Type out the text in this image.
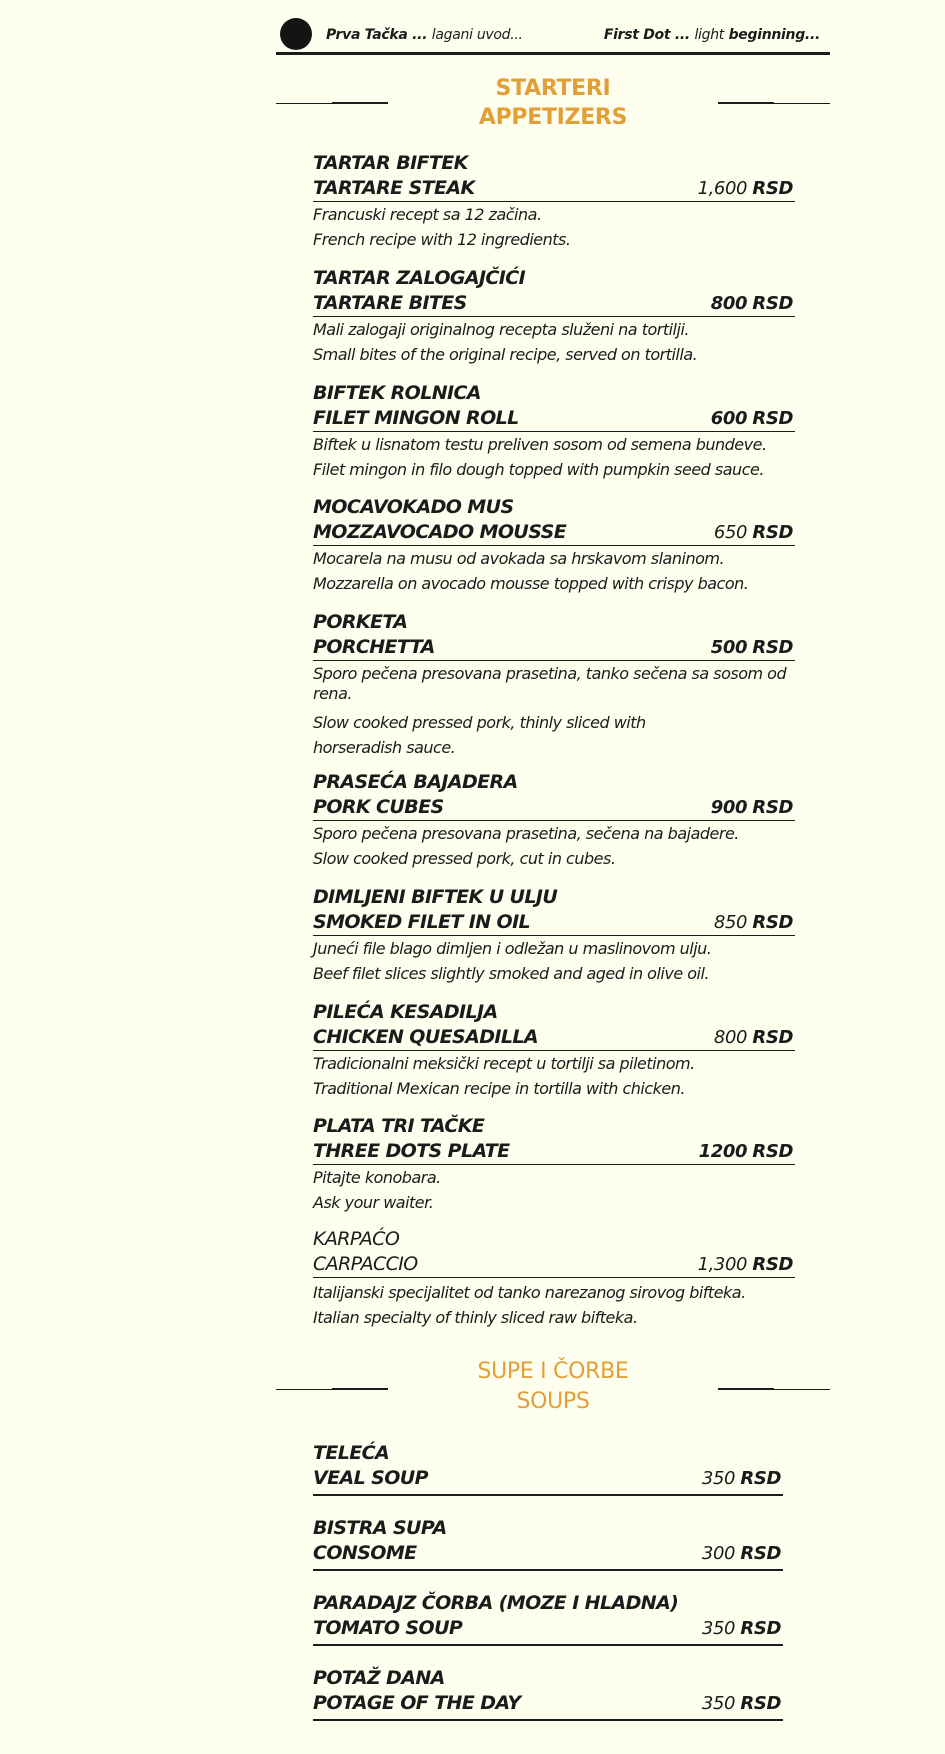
Prva Tačka ... lagani uvod...	First Dot ... light beginning...
STARTERI
APPETIZERS
TARTAR BIFTEK
TARTARE STEAK	1,600 RSD
Francuski recept sa 12 začina.
French recipe with 12 ingredients.
TARTAR ZALOGAJČIĆI
TARTARE BITES	800 RSD
Mali zalogaji originalnog recepta služeni na tortilji.
Small bites of the original recipe, served on tortilla.
BIFTEK ROLNICA
FILET MINGON ROLL	600 RSD
Biftek u lisnatom testu preliven sosom od semena bundeve.
Filet mingon in filo dough topped with pumpkin seed sauce.
MOCAVOKADO MUS
MOZZAVOCADO MOUSSE	650 RSD
Mocarela na musu od avokada sa hrskavom slaninom.
Mozzarella on avocado mousse topped with crispy bacon.
PORKETA
PORCHETTA	500 RSD
Sporo pečena presovana prasetina, tanko sečena sa sosom od rena.
Slow cooked pressed pork, thinly sliced with horseradish sauce.
PRASEĆA BAJADERA
PORK CUBES	900 RSD
Sporo pečena presovana prasetina, sečena na bajadere.
Slow cooked pressed pork, cut in cubes.
DIMLJENI BIFTEK U ULJU
SMOKED FILET IN OIL	850 RSD
Juneći file blago dimljen i odležan u maslinovom ulju.
Beef filet slices slightly smoked and aged in olive oil.
PILEĆA KESADILJA
CHICKEN QUESADILLA	800 RSD
Tradicionalni meksički recept u tortilji sa piletinom.
Traditional Mexican recipe in tortilla with chicken.
PLATA TRI TAČKE
THREE DOTS PLATE	1200 RSD
Pitajte konobara.
Ask your waiter.
KARPAĆO
CARPACCIO	1,300 RSD
Italijanski specijalitet od tanko narezanog sirovog bifteka.
Italian specialty of thinly sliced raw bifteka.
SUPE I ČORBE
SOUPS
TELEĆA
VEAL SOUP	350 RSD
BISTRA SUPA
CONSOME	300 RSD
PARADAJZ ČORBA (MOZE I HLADNA)
TOMATO SOUP	350 RSD
POTAŽ DANA
POTAGE OF THE DAY	350 RSD
